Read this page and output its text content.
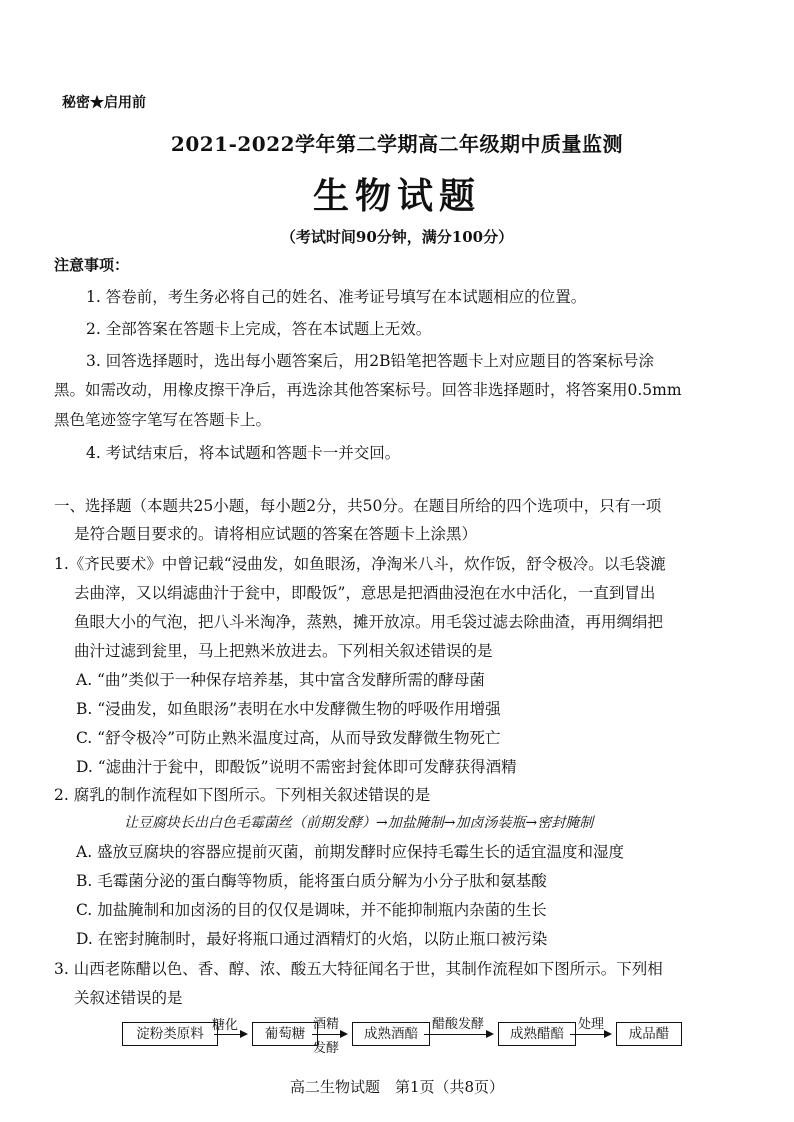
秘密★启用前
2021-2022学年第二学期高二年级期中质量监测
生物试题
（考试时间90分钟，满分100分）
注意事项：
1. 答卷前，考生务必将自己的姓名、准考证号填写在本试题相应的位置。
2. 全部答案在答题卡上完成，答在本试题上无效。
3. 回答选择题时，选出每小题答案后，用2B铅笔把答题卡上对应题目的答案标号涂
黑。如需改动，用橡皮擦干净后，再选涂其他答案标号。回答非选择题时，将答案用0.5mm
黑色笔迹签字笔写在答题卡上。
4. 考试结束后，将本试题和答题卡一并交回。
一、选择题（本题共25小题，每小题2分，共50分。在题目所给的四个选项中，只有一项
是符合题目要求的。请将相应试题的答案在答题卡上涂黑）
1.《齐民要术》中曾记载“浸曲发，如鱼眼汤，净淘米八斗，炊作饭，舒令极冷。以毛袋漉
去曲滓，又以绢滤曲汁于瓮中，即酘饭”，意思是把酒曲浸泡在水中活化，一直到冒出
鱼眼大小的气泡，把八斗米淘净，蒸熟，摊开放凉。用毛袋过滤去除曲渣，再用绸绢把
曲汁过滤到瓮里，马上把熟米放进去。下列相关叙述错误的是
A. “曲”类似于一种保存培养基，其中富含发酵所需的酵母菌
B. “浸曲发，如鱼眼汤”表明在水中发酵微生物的呼吸作用增强
C. “舒令极冷”可防止熟米温度过高，从而导致发酵微生物死亡
D. “滤曲汁于瓮中，即酘饭”说明不需密封瓮体即可发酵获得酒精
2. 腐乳的制作流程如下图所示。下列相关叙述错误的是
让豆腐块长出白色毛霉菌丝（前期发酵）→加盐腌制→加卤汤装瓶→密封腌制
A. 盛放豆腐块的容器应提前灭菌，前期发酵时应保持毛霉生长的适宜温度和湿度
B. 毛霉菌分泌的蛋白酶等物质，能将蛋白质分解为小分子肽和氨基酸
C. 加盐腌制和加卤汤的目的仅仅是调味，并不能抑制瓶内杂菌的生长
D. 在密封腌制时，最好将瓶口通过酒精灯的火焰，以防止瓶口被污染
3. 山西老陈醋以色、香、醇、浓、酸五大特征闻名于世，其制作流程如下图所示。下列相
关叙述错误的是
淀粉类原料
糖化
葡萄糖
酒精
发酵
成熟酒醅
醋酸发酵
成熟醋醅
处理
成品醋
高二生物试题　第1页（共8页）
